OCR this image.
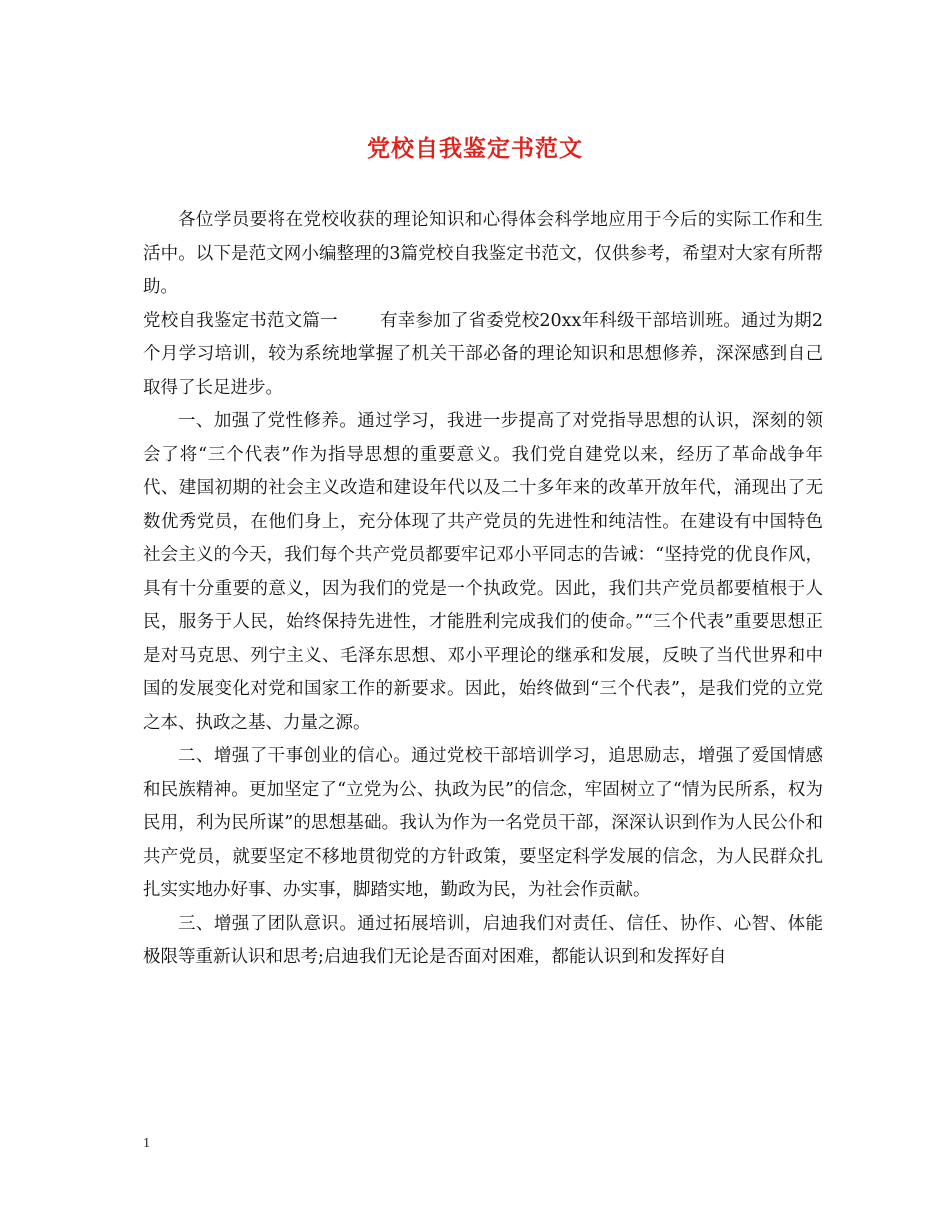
党校自我鉴定书范文

各位学员要将在党校收获的理论知识和心得体会科学地应用于今后的实际工作和生活中。以下是范文网小编整理的3篇党校自我鉴定书范文，仅供参考，希望对大家有所帮助。

党校自我鉴定书范文篇一 有幸参加了省委党校20xx年科级干部培训班。通过为期2个月学习培训，较为系统地掌握了机关干部必备的理论知识和思想修养，深深感到自己取得了长足进步。

一、加强了党性修养。通过学习，我进一步提高了对党指导思想的认识，深刻的领会了将“三个代表”作为指导思想的重要意义。我们党自建党以来，经历了革命战争年代、建国初期的社会主义改造和建设年代以及二十多年来的改革开放年代，涌现出了无数优秀党员，在他们身上，充分体现了共产党员的先进性和纯洁性。在建设有中国特色社会主义的今天，我们每个共产党员都要牢记邓小平同志的告诫：“坚持党的优良作风，具有十分重要的意义，因为我们的党是一个执政党。因此，我们共产党员都要植根于人民，服务于人民，始终保持先进性，才能胜利完成我们的使命。”“三个代表”重要思想正是对马克思、列宁主义、毛泽东思想、邓小平理论的继承和发展，反映了当代世界和中国的发展变化对党和国家工作的新要求。因此，始终做到“三个代表”，是我们党的立党之本、执政之基、力量之源。

二、增强了干事创业的信心。通过党校干部培训学习，追思励志，增强了爱国情感和民族精神。更加坚定了“立党为公、执政为民”的信念，牢固树立了“情为民所系，权为民用，利为民所谋”的思想基础。我认为作为一名党员干部，深深认识到作为人民公仆和共产党员，就要坚定不移地贯彻党的方针政策，要坚定科学发展的信念，为人民群众扎扎实实地办好事、办实事，脚踏实地，勤政为民，为社会作贡献。

三、增强了团队意识。通过拓展培训，启迪我们对责任、信任、协作、心智、体能极限等重新认识和思考;启迪我们无论是否面对困难，都能认识到和发挥好自

1
